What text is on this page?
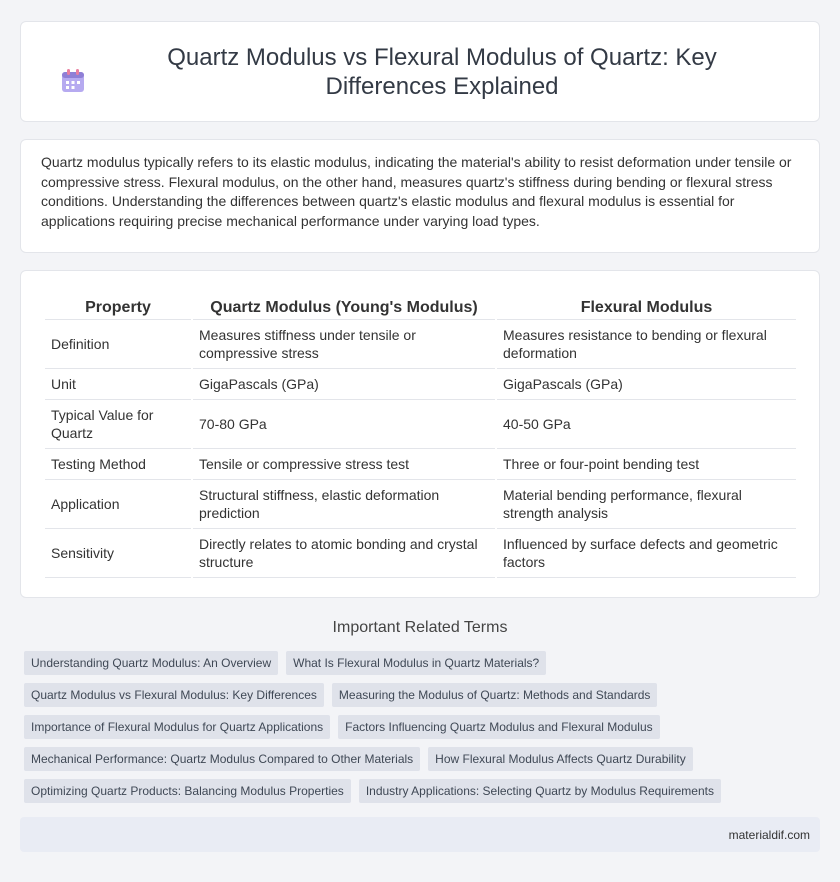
Quartz Modulus vs Flexural Modulus of Quartz: Key Differences Explained

Quartz modulus typically refers to its elastic modulus, indicating the material's ability to resist deformation under tensile or compressive stress. Flexural modulus, on the other hand, measures quartz's stiffness during bending or flexural stress conditions. Understanding the differences between quartz's elastic modulus and flexural modulus is essential for applications requiring precise mechanical performance under varying load types.

Property	Quartz Modulus (Young's Modulus)	Flexural Modulus
Definition	Measures stiffness under tensile or compressive stress	Measures resistance to bending or flexural deformation
Unit	GigaPascals (GPa)	GigaPascals (GPa)
Typical Value for Quartz	70-80 GPa	40-50 GPa
Testing Method	Tensile or compressive stress test	Three or four-point bending test
Application	Structural stiffness, elastic deformation prediction	Material bending performance, flexural strength analysis
Sensitivity	Directly relates to atomic bonding and crystal structure	Influenced by surface defects and geometric factors
Important Related Terms
Understanding Quartz Modulus: An Overview	What Is Flexural Modulus in Quartz Materials?
Quartz Modulus vs Flexural Modulus: Key Differences	Measuring the Modulus of Quartz: Methods and Standards
Importance of Flexural Modulus for Quartz Applications	Factors Influencing Quartz Modulus and Flexural Modulus
Mechanical Performance: Quartz Modulus Compared to Other Materials	How Flexural Modulus Affects Quartz Durability
Optimizing Quartz Products: Balancing Modulus Properties	Industry Applications: Selecting Quartz by Modulus Requirements
materialdif.com
